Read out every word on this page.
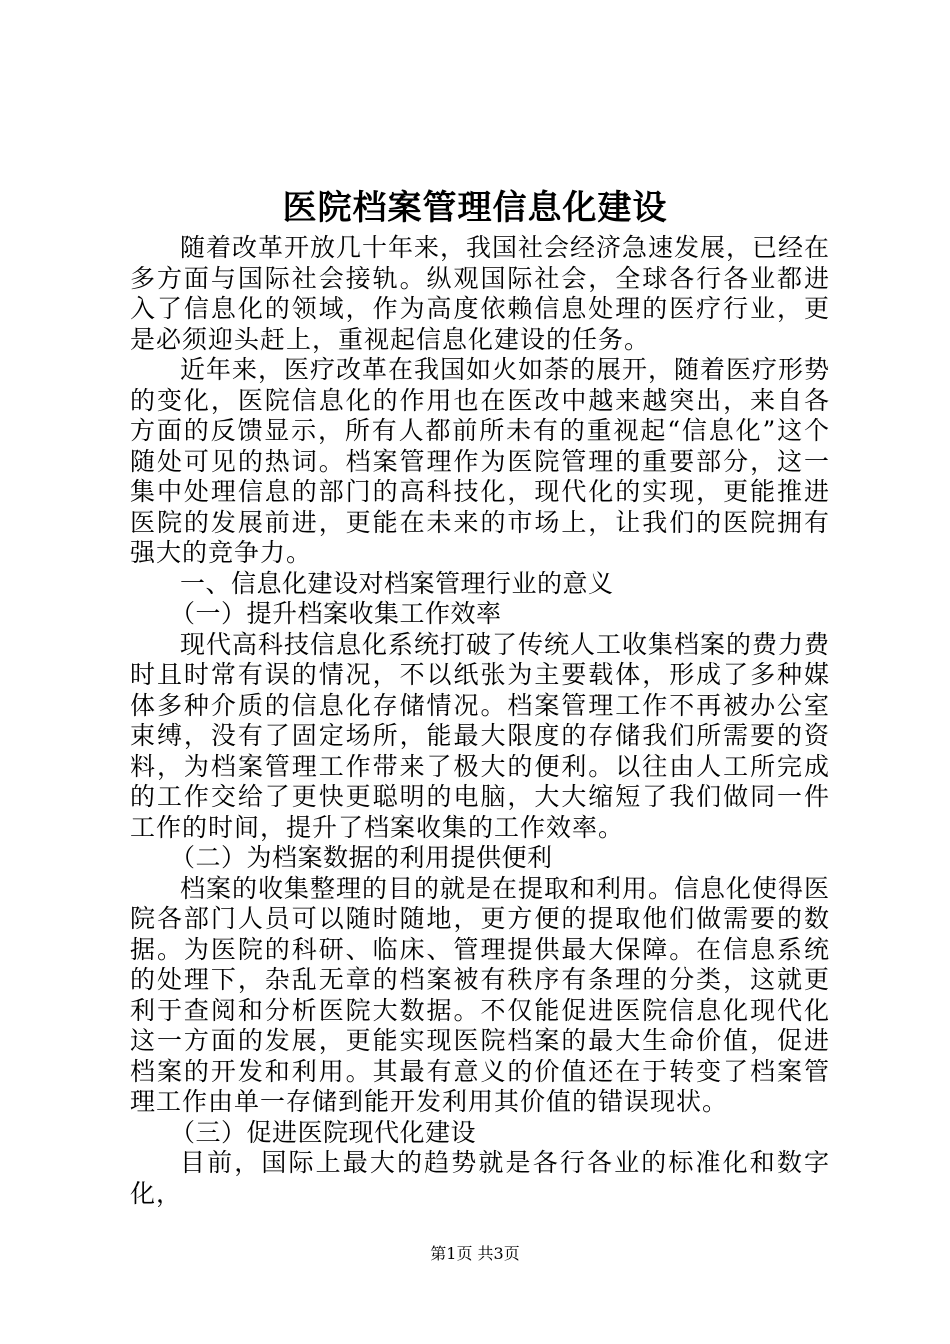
医院档案管理信息化建设

随着改革开放几十年来，我国社会经济急速发展，已经在多方面与国际社会接轨。纵观国际社会，全球各行各业都进入了信息化的领域，作为高度依赖信息处理的医疗行业，更是必须迎头赶上，重视起信息化建设的任务。

近年来，医疗改革在我国如火如荼的展开，随着医疗形势的变化，医院信息化的作用也在医改中越来越突出，来自各方面的反馈显示，所有人都前所未有的重视起“信息化”这个随处可见的热词。档案管理作为医院管理的重要部分，这一集中处理信息的部门的高科技化，现代化的实现，更能推进医院的发展前进，更能在未来的市场上，让我们的医院拥有强大的竞争力。

一、信息化建设对档案管理行业的意义

（一）提升档案收集工作效率

现代高科技信息化系统打破了传统人工收集档案的费力费时且时常有误的情况，不以纸张为主要载体，形成了多种媒体多种介质的信息化存储情况。档案管理工作不再被办公室束缚，没有了固定场所，能最大限度的存储我们所需要的资料，为档案管理工作带来了极大的便利。以往由人工所完成的工作交给了更快更聪明的电脑，大大缩短了我们做同一件工作的时间，提升了档案收集的工作效率。

（二）为档案数据的利用提供便利

档案的收集整理的目的就是在提取和利用。信息化使得医院各部门人员可以随时随地，更方便的提取他们做需要的数据。为医院的科研、临床、管理提供最大保障。在信息系统的处理下，杂乱无章的档案被有秩序有条理的分类，这就更利于查阅和分析医院大数据。不仅能促进医院信息化现代化这一方面的发展，更能实现医院档案的最大生命价值，促进档案的开发和利用。其最有意义的价值还在于转变了档案管理工作由单一存储到能开发利用其价值的错误现状。

（三）促进医院现代化建设

目前，国际上最大的趋势就是各行各业的标准化和数字化，

第1页 共3页
